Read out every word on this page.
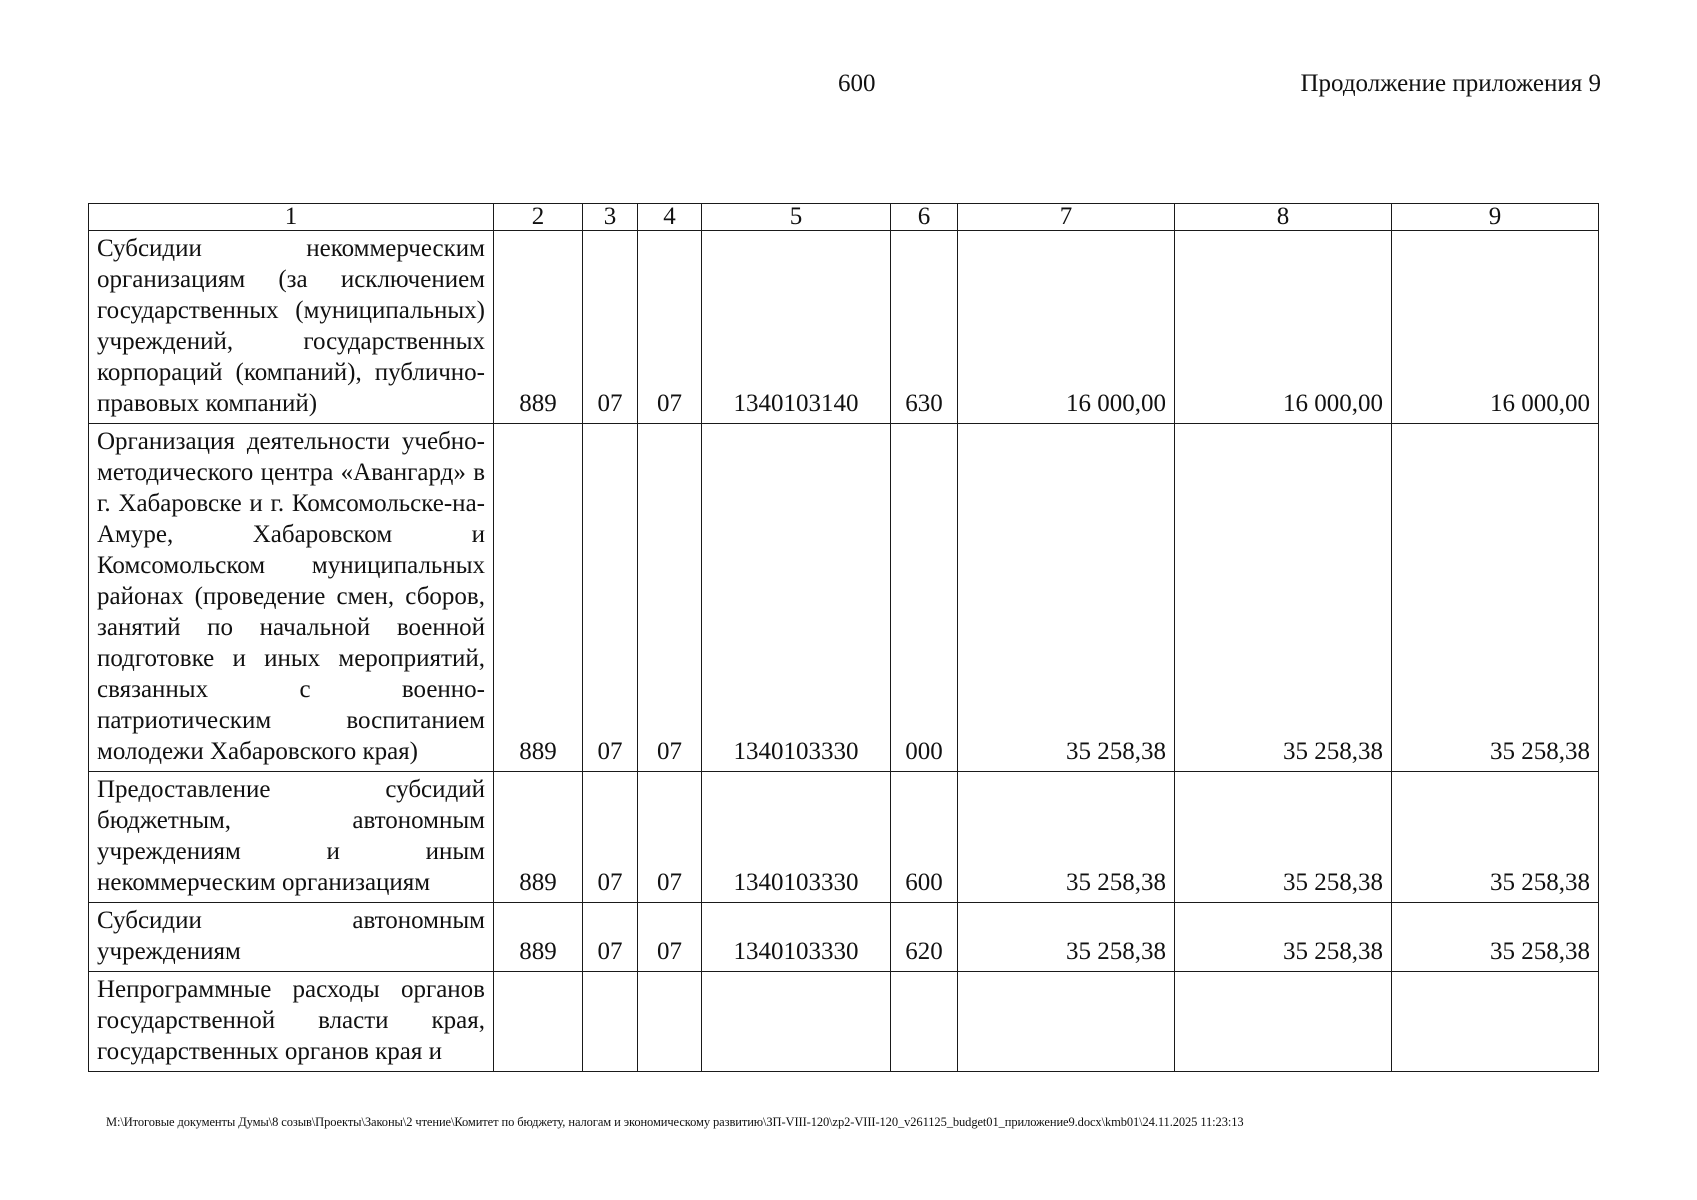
600	Продолжение приложения 9
1	2	3	4	5	6	7	8	9
Субсидии некоммерческим организациям (за исключением государственных (муниципальных) учреждений, государственных корпораций (компаний), публично-правовых компаний)	889	07	07	1340103140	630	16 000,00	16 000,00	16 000,00
Организация деятельности учебно-методического центра «Авангард» в г. Хабаровске и г. Комсомольске-на-Амуре, Хабаровском и Комсомольском муниципальных районах (проведение смен, сборов, занятий по начальной военной подготовке и иных мероприятий, связанных с военно-патриотическим воспитанием молодежи Хабаровского края)	889	07	07	1340103330	000	35 258,38	35 258,38	35 258,38
Предоставление субсидий бюджетным, автономным учреждениям и иным некоммерческим организациям	889	07	07	1340103330	600	35 258,38	35 258,38	35 258,38
Субсидии автономным учреждениям	889	07	07	1340103330	620	35 258,38	35 258,38	35 258,38
Непрограммные расходы органов государственной власти края, государственных органов края и								
M:\Итоговые документы Думы\8 созыв\Проекты\Законы\2 чтение\Комитет по бюджету, налогам и экономическому развитию\ЗП-VIII-120\zp2-VIII-120_v261125_budget01_приложение9.docx\kmb01\24.11.2025 11:23:13
